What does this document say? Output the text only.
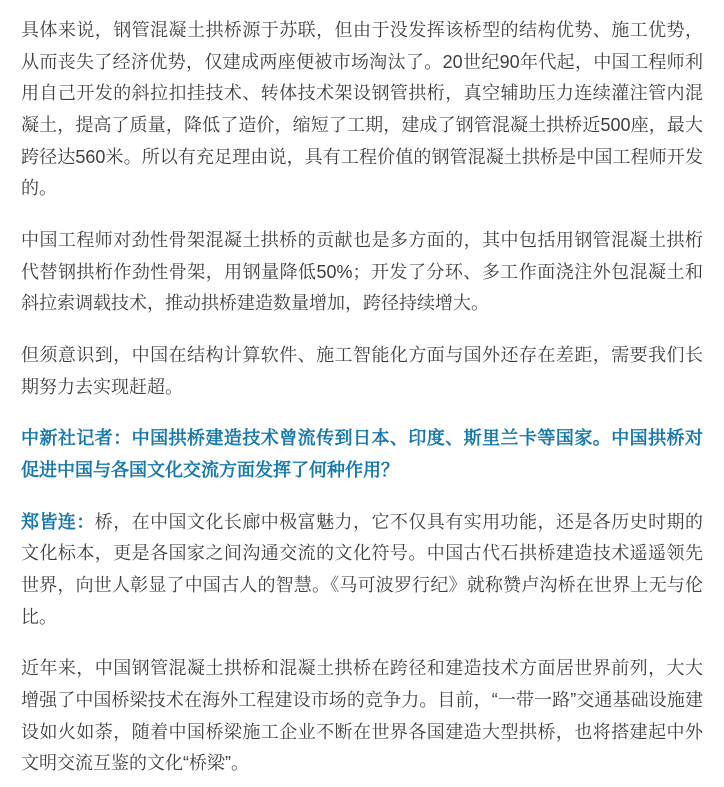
具体来说，钢管混凝土拱桥源于苏联，但由于没发挥该桥型的结构优势、施工优势，从而丧失了经济优势，仅建成两座便被市场淘汰了。20世纪90年代起，中国工程师利用自己开发的斜拉扣挂技术、转体技术架设钢管拱桁，真空辅助压力连续灌注管内混凝土，提高了质量，降低了造价，缩短了工期，建成了钢管混凝土拱桥近500座，最大跨径达560米。所以有充足理由说，具有工程价值的钢管混凝土拱桥是中国工程师开发的。

中国工程师对劲性骨架混凝土拱桥的贡献也是多方面的，其中包括用钢管混凝土拱桁代替钢拱桁作劲性骨架，用钢量降低50%；开发了分环、多工作面浇注外包混凝土和斜拉索调载技术，推动拱桥建造数量增加，跨径持续增大。

但须意识到，中国在结构计算软件、施工智能化方面与国外还存在差距，需要我们长期努力去实现赶超。

中新社记者：中国拱桥建造技术曾流传到日本、印度、斯里兰卡等国家。中国拱桥对促进中国与各国文化交流方面发挥了何种作用？

郑皆连：桥，在中国文化长廊中极富魅力，它不仅具有实用功能，还是各历史时期的文化标本，更是各国家之间沟通交流的文化符号。中国古代石拱桥建造技术遥遥领先世界，向世人彰显了中国古人的智慧。《马可波罗行纪》就称赞卢沟桥在世界上无与伦比。

近年来，中国钢管混凝土拱桥和混凝土拱桥在跨径和建造技术方面居世界前列，大大增强了中国桥梁技术在海外工程建设市场的竞争力。目前，“一带一路”交通基础设施建设如火如荼，随着中国桥梁施工企业不断在世界各国建造大型拱桥，也将搭建起中外文明交流互鉴的文化“桥梁”。
